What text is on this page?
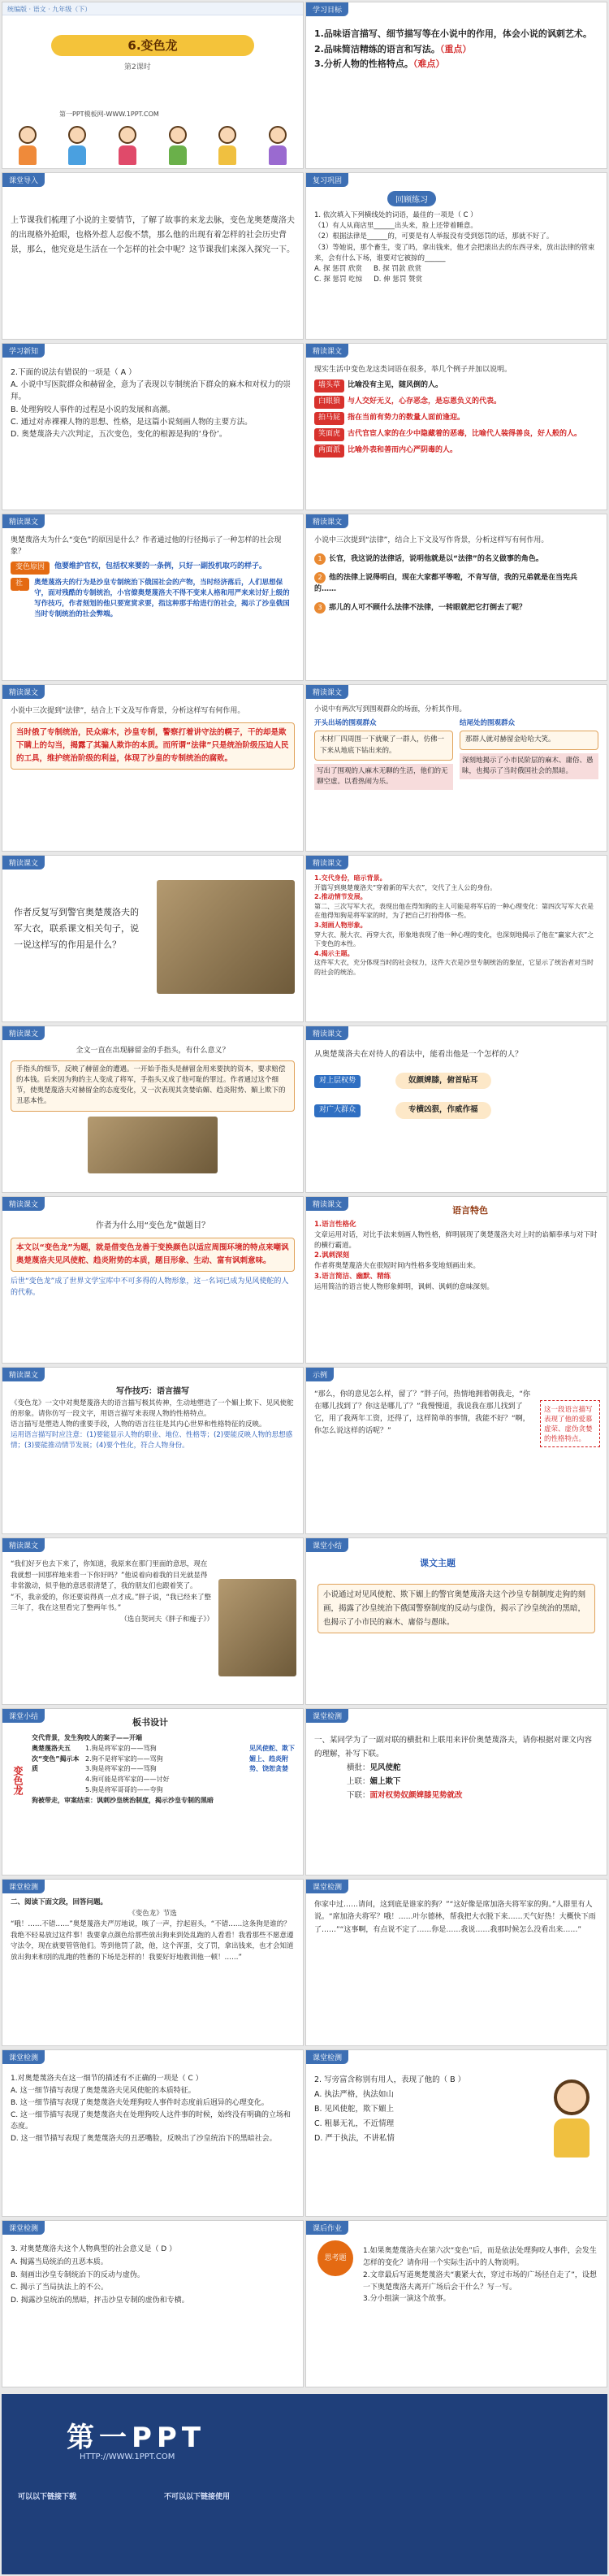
统编版 · 语文 · 九年级（下）
6.变色龙
第2课时
第一PPT模板网-WWW.1PPT.COM
学习目标
1.品味语言描写、细节描写等在小说中的作用，体会小说的讽刺艺术。
2.品味简洁精练的语言和写法。（重点）
3.分析人物的性格特点。（难点）
课堂导入
上节课我们梳理了小说的主要情节，了解了故事的来龙去脉，变色龙奥楚蔑洛夫的出现格外抢眼，也格外惹人忍俊不禁，那么他的出现有着怎样的社会历史背景，那么，他究竟是生活在一个怎样的社会中呢？这节课我们来深入探究一下。
复习巩固
回顾练习
1. 依次填入下列横线处的词语，最佳的一项是（ C ）
（1）有人从商店里______出头来，脸上还带着睡意。
（2）根据法律是______的，可要是有人举报没有受到惩罚的话，那就不好了。
（3）等她说，那个畜生，变了吗，拿出钱来，他才会把滚出去的东西寻来，放出法律的管束来，会有什么下场，谁要对它被掠的______
A. 探 惩罚 欣赏 B. 探 罚款 欣赏
C. 探 惩罚 吃惊 D. 伸 惩罚 赞赏
学习新知
2.下面的说法有错误的一项是（ A ）
A. 小说中写医院群众和赫留金，意为了表现以专制统治下群众的麻木和对权力的崇拜。
B. 处理狗咬人事件的过程是小说的发展和高潮。
C. 通过对赤裸裸人物的思想、性格，是这篇小说刻画人物的主要方法。
D. 奥楚蔑洛夫六次判定，五次变色，变化的根源是狗的‘身份’。
精读课文
现实生活中变色龙这类词语在很多，举几个例子并加以说明。
墙头草	比喻没有主见，随风倒的人。
白眼狼	与人交好无义，心存恶念，是忘恩负义的代表。
拍马屁	指在当前有势力的数量人面前逢迎。
笑面虎	古代官宦人家的在少中隐藏着的恶毒，比喻代人装得善良，好人般的人。
两面派	比喻外表和善而内心严阴毒的人。
精读课文
奥楚蔑洛夫为什么“变色”的原因是什么？作者通过他的行径揭示了一种怎样的社会现象？
变色原因	他要维护官权，包括权来要的一条例，只好一副投机取巧的样子。
社会现象
奥楚蔑洛夫的行为是沙皇专制统治下俄国社会的产物，当时经济落后，人们思想保守，面对残酷的专制统治，小官僚奥楚蔑洛夫不得不变来人格和用严来来讨好上级的写作技巧，作者刻划的他只要宽赏求要，指这种那手给进行的社会，揭示了沙皇俄国当时专制统治的社会弊端。
精读课文
小说中三次提到“法律”，结合上下文及写作背景，分析这样写有何作用。
1 长官，我这说的法律话，说明他就是以“法律”的名义做事的角色。
2 他的法律上说得明白，现在大家都平等啦，不肯写信，我的兄弟就是在当宪兵的……
3 那儿的人可不顾什么法律不法律，一转眼就把它打倒去了呢？
精读课文
小说中三次提到“法律”，结合上下文及写作背景，分析这样写有何作用。
当时俄了专制统治，民众麻木，沙皇专制，警察打着讲守法的幌子，干的却是欺下瞒上的勾当，揭露了其骗人欺诈的本质。而所谓“法律”只是统治阶级压迫人民的工具，维护统治阶级的利益，体现了沙皇的专制统治的腐败。
精读课文
小说中有两次写到围观群众的场面，分析其作用。
开头出场的围观群众
木材厂四周围一下就聚了一群人，仿佛一下来从地底下钻出来的。
写出了围观的人麻木无聊的生活，他们的无聊空虚。以看热闹为乐。
结尾处的围观群众
那群人就对赫留金哈哈大笑。
深刻地揭示了小市民阶层的麻木、庸俗、愚昧，也揭示了当时俄国社会的黑暗。
精读课文
作者反复写到警官奥楚蔑洛夫的军大衣，联系课文相关句子，说一说这样写的作用是什么？
精读课文
1.交代身份，暗示背景。
开篇写到奥楚蔑洛夫“穿着新的军大衣”，交代了主人公的身份。
2.推动情节发展。
第二、三次写军大衣，表现出他在得知狗的主人可能是将军后的一种心理变化：第四次写军大衣是在他得知狗是将军家的时，为了把自己打扮得体一些。
3.刻画人物形象。
穿大衣、脱大衣、再穿大衣，形象地表现了他一种心理的变化，也深刻地揭示了他在“赢家大衣”之下变色的本性。
4.揭示主题。
这件军大衣，充分体现当时的社会权力，这件大衣是沙皇专制统治的象征，它显示了统治者对当时的社会的统治。
精读课文
全文一直在出现赫留金的手指头，有什么意义？
手指头的细节，反映了赫留金的遭遇。一开始手指头是赫留金用来要挟的资本，要求赔偿的本钱。后来因为狗的主人变成了将军，手指头又成了他可耻的罪过。作者通过这个细节，使奥楚蔑洛夫对赫留金的态度变化，又一次表现其贪婪谄媚、趋炎附势、媚上欺下的丑恶本性。
精读课文
从奥楚蔑洛夫在对待人的看法中，能看出他是一个怎样的人？
对上层权势	奴颜婢膝，俯首贴耳
对广大群众	专横凶狠，作威作福
精读课文
作者为什么用“变色龙”做题目？
本文以“变色龙”为题，就是借变色龙善于变换颜色以适应周围环境的特点来嘲讽奥楚蔑洛夫见风使舵、趋炎附势的本质，题目形象、生动、富有讽刺意味。
后世“变色龙”成了世界文学宝库中不可多得的人物形象，这一名词已成为见风使舵的人的代称。
精读课文	语言特色
1.语言性格化
文章运用对话，对比手法来刻画人物性格，鲜明展现了奥楚蔑洛夫对上时的谄媚奉承与对下时的横行霸道。
2.讽刺深刻
作者将奥楚蔑洛夫在很短时间内性格多变地刻画出来。
3.语言简洁、幽默、精练
运用简洁的语言使人物形象鲜明，讽刺、讽刺的意味深刻。
精读课文
写作技巧：语言描写
《变色龙》一文中对奥楚蔑洛夫的语言描写极其传神，生动地塑造了一个媚上欺下、见风使舵的形象。请你仿写一段文字，用语言描写来表现人物的性格特点。
语言描写是塑造人物的重要手段，人物的语言往往是其内心世界和性格特征的反映。
运用语言描写时应注意：(1)要能显示人物的职业、地位、性格等；(2)要能反映人物的思想感情；(3)要能推动情节发展；(4)要个性化，符合人物身份。
示例
“那么，你的意见怎么样，留了？”胖子问，热情地拥着朝我走，“你在哪儿找到了？你这是哪儿了？”我慢慢道，我说我在那儿找到了它，用了我两年工资，还得了，这样简单的事情，我能不好？“啊，你怎么说这样的话呢？”
这一段语言描写表现了他的爱慕虚荣、虚伪贪婪的性格特点。
精读课文
“我们好歹也去下来了，你知道，我原来在那门里面的意思，现在我就想一回那样地来看一下你好吗？”他说着向着我的目光就显得非常激动，似乎他的意思很清楚了，我的朋友们也跟着笑了。
“不，我亲爱的，你还要说得真一点才成。”胖子说，“我已经来了整三年了，我在这里看完了整两年书。”
（选自契诃夫《胖子和瘦子》）
课堂小结
课文主题
小说通过对见风使舵、欺下媚上的警官奥楚蔑洛夫这个沙皇专制制度走狗的刻画，揭露了沙皇统治下俄国警察制度的反动与虚伪，揭示了沙皇统治的黑暗，也揭示了小市民的麻木、庸俗与愚昧。
课堂小结	板书设计
变色龙
交代背景，发生狗咬人的案子——开端
奥楚蔑洛夫五次“变色”揭示本质
1.狗是将军家的——骂狗
2.狗不是将军家的——骂狗
3.狗是将军家的——骂狗
4.狗可能是将军家的——讨好
5.狗是将军哥哥的——夸狗
见风使舵、欺下媚上、趋炎附势、饶恕贪婪
狗被带走，审案结束：讽刺沙皇统治制度，揭示沙皇专制的黑暗
课堂检测
一、某同学为了一副对联的横批和上联用来评价奥楚蔑洛夫，请你根据对课文内容的理解，补写下联。
横批：见风使舵
上联：媚上欺下
下联：面对权势奴颜婢膝见势就改
课堂检测
二、阅读下面文段，回答问题。
《变色龙》节选
“哦！……不错……”奥楚蔑洛夫严厉地说，咳了一声，拧起眉头，“不错……这条狗是谁的？我绝不轻易放过这件事！我要拿点颜色给那些放出狗来到处乱跑的人看看！我看那些不愿意遵守法令，现在就要管管他们。等到他罚了款，他，这个浑蛋，交了罚，拿出钱来，也才会知道放出狗来和别的乱跑的牲畜的下场是怎样的！我要好好地教训他一顿！……”
课堂检测
你家中过……请问，这到底是谁家的狗？”“这好像是席加洛夫将军家的狗。”人群里有人说。“席加洛夫将军？哦！……叶尔德林，帮我把大衣脱下来……天气好热！大概快下雨了……”“这事啊，有点说不定了……你是……我说……我那时候怎么没看出来……”
课堂检测
1.对奥楚蔑洛夫在这一细节的描述有不正确的一项是（ C ）
A. 这一细节描写表现了奥楚蔑洛夫见风使舵的本质特征。
B. 这一细节描写表现了奥楚蔑洛夫处理狗咬人事件时态度前后迥异的心理变化。
C. 这一细节描写表现了奥楚蔑洛夫在处理狗咬人这件事的时候，始终没有明确的立场和态度。
D. 这一细节描写表现了奥楚蔑洛夫的丑恶嘴脸，反映出了沙皇统治下的黑暗社会。
课堂检测
2. 写旁富含称别有用人，表现了他的（ B ）
A. 执法严格，执法如山
B. 见风使舵，欺下媚上
C. 粗暴无礼，不近情理
D. 严于执法，不讲私情
课堂检测
3. 对奥楚蔑洛夫这个人物典型的社会意义是（ D ）
A. 揭露当局统治的丑恶本质。
B. 刻画出沙皇专制统治下的反动与虚伪。
C. 揭示了当局执法上的不公。
D. 揭露沙皇统治的黑暗，抨击沙皇专制的虚伪和专横。
课后作业
思考题
1.如果奥楚蔑洛夫在第六次“变色”后，而是依法处理狗咬人事件，会发生怎样的变化？请你用一个实际生活中的人物说明。
2.文章最后写道奥楚蔑洛夫“裹紧大衣，穿过市场的广场径自走了”，设想一下奥楚蔑洛夫离开广场后会干什么？写一写。
3.分小组演一演这个故事。
第一PPT
HTTP://WWW.1PPT.COM
可以以下链接下载	不可以以下链接使用
